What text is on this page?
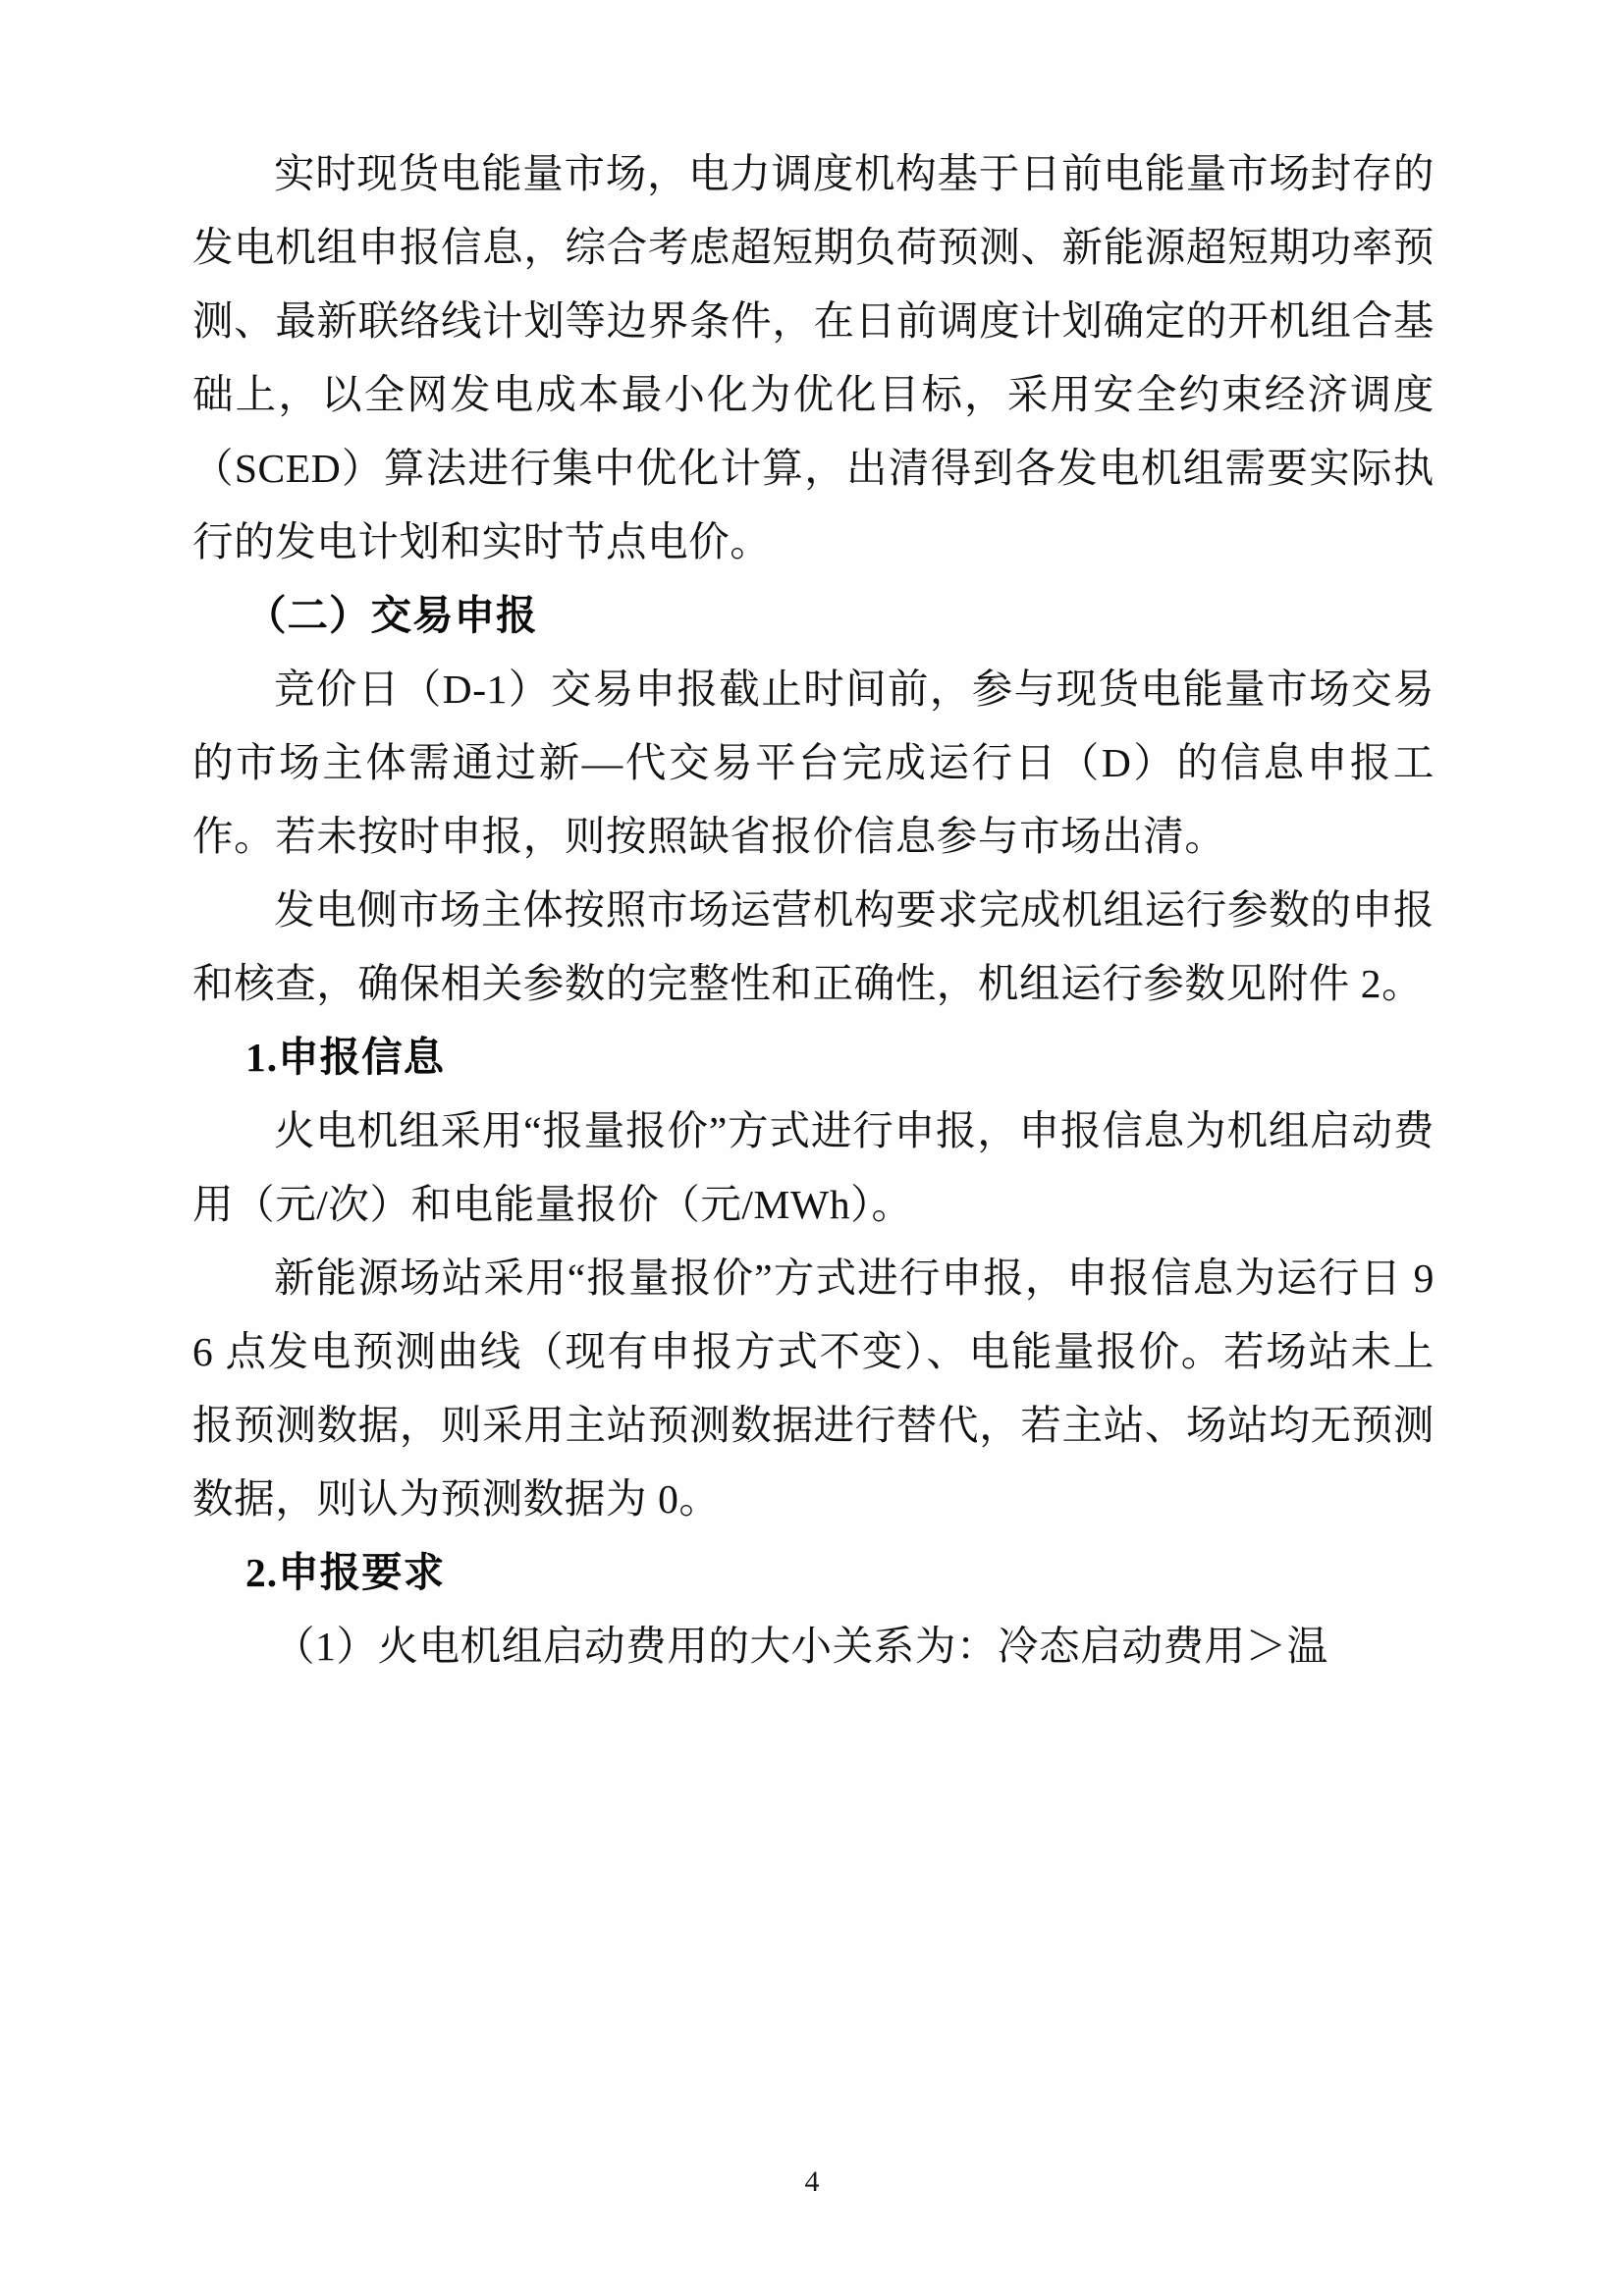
实时现货电能量市场，电力调度机构基于日前电能量市场封存的发电机组申报信息，综合考虑超短期负荷预测、新能源超短期功率预测、最新联络线计划等边界条件，在日前调度计划确定的开机组合基础上，以全网发电成本最小化为优化目标，采用安全约束经济调度（SCED）算法进行集中优化计算，出清得到各发电机组需要实际执行的发电计划和实时节点电价。

（二）交易申报

竞价日（D-1）交易申报截止时间前，参与现货电能量市场交易的市场主体需通过新—代交易平台完成运行日（D）的信息申报工作。若未按时申报，则按照缺省报价信息参与市场出清。

发电侧市场主体按照市场运营机构要求完成机组运行参数的申报和核查，确保相关参数的完整性和正确性，机组运行参数见附件 2。

1.申报信息

火电机组采用“报量报价”方式进行申报，申报信息为机组启动费用（元/次）和电能量报价（元/MWh）。

新能源场站采用“报量报价”方式进行申报，申报信息为运行日 96 点发电预测曲线（现有申报方式不变）、电能量报价。若场站未上报预测数据，则采用主站预测数据进行替代，若主站、场站均无预测数据，则认为预测数据为 0。

2.申报要求

（1）火电机组启动费用的大小关系为：冷态启动费用＞温

4
